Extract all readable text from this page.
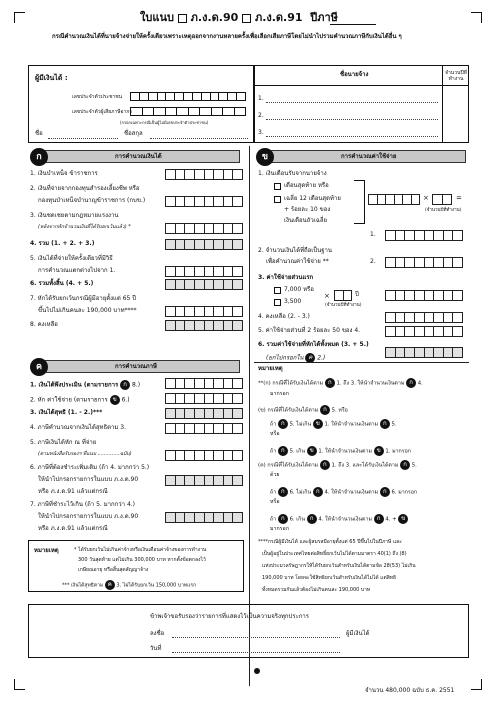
ใบแนบ ภ.ง.ด.90 ภ.ง.ด.91 ปีภาษี
กรณีคำนวณเงินได้ที่นายจ้างจ่ายให้ครั้งเดียวเพราะเหตุออกจากงานหลายครั้งเพื่อเลือกเสียภาษีโดยไม่นำไปรวมคำนวณภาษีกับเงินได้อื่น ๆ
ผู้มีเงินได้ :
เลขประจำตัวประชาชน
เลขประจำตัวผู้เสียภาษีอากร
(กรอกเฉพาะกรณีเป็นผู้ไม่มีเลขประจำตัวประชาชน)
ชื่อ	ชื่อสกุล
ชื่อนายจ้าง	จำนวนปีที่ทำงาน
1.
2.
3.
การคำนวณเงินได้
ก
1. เงินบำเหน็จ ข้าราชการ
2. เงินที่จ่ายจากกองทุนสำรองเลี้ยงชีพ หรือ
กองทุนบำเหน็จบำนาญข้าราชการ (กบข.)
3. เงินชดเชยตามกฎหมายแรงงาน
(หลังจากหักจำนวนเงินที่ได้รับยกเว้นแล้ว) *
4. รวม (1. + 2. + 3.)
5. เงินได้ที่จ่ายให้ครั้งเดียวที่มีวิธี
การคำนวณแตกต่างไปจาก 1.
6. รวมทั้งสิ้น (4. + 5.)
7. หักได้รับยกเว้นกรณีผู้มีอายุตั้งแต่ 65 ปี
ขึ้นไปไม่เกินคนละ 190,000 บาท****
8. คงเหลือ
การคำนวณค่าใช้จ่าย
ข
1. เงินเดือนรับจากนายจ้าง
เดือนสุดท้าย หรือ
เฉลี่ย 12 เดือนสุดท้าย
+ ร้อยละ 10 ของ
เงินเดือนถัวเฉลี่ย
×	=
(จำนวนปีที่ทำงาน)
1.
2. จำนวนเงินได้ที่ถือเป็นฐาน
เพื่อคำนวณค่าใช้จ่าย **	2.
3. ค่าใช้จ่ายส่วนแรก
7,000 หรือ
3,500
×	ปี
(จำนวนปีที่ทำงาน)
4. คงเหลือ (2. - 3.)
5. ค่าใช้จ่ายส่วนที่ 2 ร้อยละ 50 ของ 4.
6. รวมค่าใช้จ่ายที่หักได้ทั้งหมด (3. + 5.)
(ยกไปกรอกใน ค 2.)
การคำนวณภาษี
ค
1. เงินได้พึงประเมิน (ตามรายการ ก 8.)
2. หัก ค่าใช้จ่าย (ตามรายการ ข 6.)
3. เงินได้สุทธิ (1. - 2.)***
4. ภาษีคำนวณจากเงินได้สุทธิตาม 3.
5. ภาษีเงินได้หัก ณ ที่จ่าย
(ตามหนังสือรับรองฯ ที่แนบ ..............ฉบับ)
6. ภาษีที่ต้องชำระเพิ่มเติม (ถ้า 4. มากกว่า 5.)
ให้นำไปกรอกรายการในแบบ ภ.ง.ด.90
หรือ ภ.ง.ด.91 แล้วแต่กรณี
7. ภาษีที่ชำระไว้เกิน (ถ้า 5. มากกว่า 4.)
ให้นำไปกรอกรายการในแบบ ภ.ง.ด.90
หรือ ภ.ง.ด.91 แล้วแต่กรณี
หมายเหตุ	* ได้รับยกเว้นไม่เกินค่าจ้างหรือเงินเดือนค่าจ้างของการทำงาน
300 วันสุดท้าย แต่ไม่เกิน 300,000 บาท หากตั้งข้อตกลงไว้
เกษียณอายุ หรือสิ้นสุดสัญญาจ้าง
*** เงินได้สุทธิตาม ค 3. ไม่ได้รับยกเว้น 150,000 บาทแรก
หมายเหตุ
**(ก) กรณีที่ได้รับเงินได้ตาม ก 1. ถึง 3. ให้นำจำนวนเงินตาม ก 4.
มากรอก
(ข) กรณีที่ได้รับเงินได้ตาม ก 5. หรือ
ถ้า ก 5. ไม่เกิน ข 1. ให้นำจำนวนเงินตาม ก 5.
หรือ
ถ้า ก 5. เกิน ข 1. ให้นำจำนวนเงินตาม ข 1. มากรอก
(ค) กรณีที่ได้รับเงินได้ตาม ก 1. ถึง 3. และได้รับเงินได้ตาม ก 5.
ด้วย
ถ้า ก 6. ไม่เกิน ก 4. ให้นำจำนวนเงินตาม ก 6. มากรอก
หรือ
ถ้า ก 6. เกิน ก 4. ให้นำจำนวนเงินตาม ก 4. + ข
มากรอก
****กรณีผู้มีเงินได้ และผู้สมรสมีอายุตั้งแต่ 65 ปีขึ้นไปในปีภาษี และ
เป็นผู้อยู่ในประเทศไทยต่อสิทธิ์ยกเว้นไม่ได้ตามมาตรา 40(1) ถึง (8)
แห่งประมวลรัษฎากรให้ได้รับยกเว้นสำหรับเงินได้ตามข้อ 28(53) ไม่เกิน
190,000 บาท โดยจะใช้สิทธิยกเว้นสำหรับเงินได้ไม่ได้ แต่สิทธิ
ทั้งหมดรวมกันแล้วต้องไม่เกินคนละ 190,000 บาท
ข้าพเจ้าขอรับรองว่ารายการที่แสดงไว้เป็นความจริงทุกประการ
ลงชื่อ	ผู้มีเงินได้
วันที่
จำนวน 480,000 ฉบับ ธ.ค. 2551
